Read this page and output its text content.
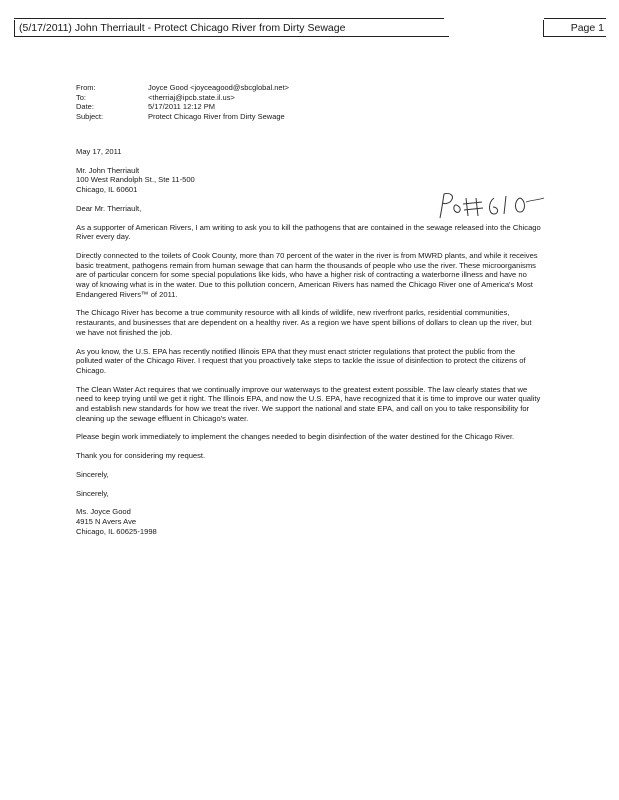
(5/17/2011) John Therriault - Protect Chicago River from Dirty Sewage	Page 1
From:	Joyce Good <joyceagood@sbcglobal.net>
To:	<therriaj@ipcb.state.il.us>
Date:	5/17/2011 12:12 PM
Subject:	Protect Chicago River from Dirty Sewage

May 17, 2011

Mr. John Therriault

100 West Randolph St., Ste 11-500

Chicago, IL 60601

Dear Mr. Therriault,

As a supporter of American Rivers, I am writing to ask you to kill the pathogens that are contained in the sewage released into the Chicago River every day.

Directly connected to the toilets of Cook County, more than 70 percent of the water in the river is from MWRD plants, and while it receives basic treatment, pathogens remain from human sewage that can harm the thousands of people who use the river. These microorganisms are of particular concern for some special populations like kids, who have a higher risk of contracting a waterborne illness and have no way of knowing what is in the water. Due to this pollution concern, American Rivers has named the Chicago River one of America's Most Endangered Rivers™ of 2011.

The Chicago River has become a true community resource with all kinds of wildlife, new riverfront parks, residential communities, restaurants, and businesses that are dependent on a healthy river. As a region we have spent billions of dollars to clean up the river, but we have not finished the job.

As you know, the U.S. EPA has recently notified Illinois EPA that they must enact stricter regulations that protect the public from the polluted water of the Chicago River. I request that you proactively take steps to tackle the issue of disinfection to protect the citizens of Chicago.

The Clean Water Act requires that we continually improve our waterways to the greatest extent possible. The law clearly states that we need to keep trying until we get it right. The Illinois EPA, and now the U.S. EPA, have recognized that it is time to improve our water quality and establish new standards for how we treat the river. We support the national and state EPA, and call on you to take responsibility for cleaning up the sewage effluent in Chicago's water.

Please begin work immediately to implement the changes needed to begin disinfection of the water destined for the Chicago River.

Thank you for considering my request.

Sincerely,

Sincerely,

Ms. Joyce Good

4915 N Avers Ave

Chicago, IL 60625-1998
